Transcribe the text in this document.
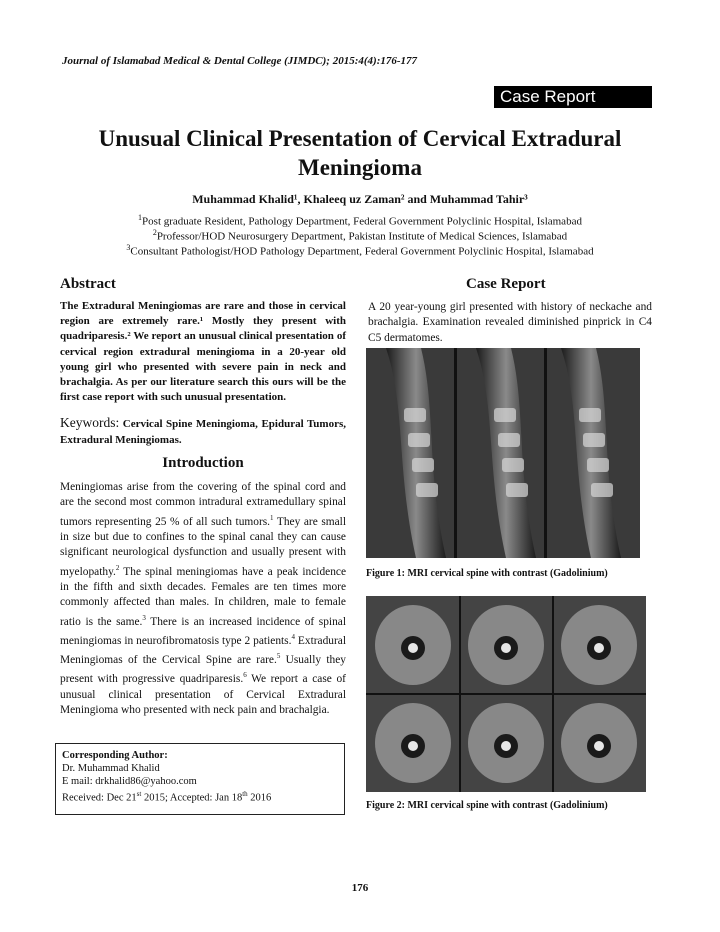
Journal of Islamabad Medical & Dental College (JIMDC); 2015:4(4):176-177
Case Report
Unusual Clinical Presentation of Cervical Extradural Meningioma
Muhammad Khalid¹, Khaleeq uz Zaman² and Muhammad Tahir³
$^1$Post graduate Resident, Pathology Department, Federal Government Polyclinic Hospital, Islamabad
$^2$Professor/HOD Neurosurgery Department, Pakistan Institute of Medical Sciences, Islamabad
$^3$Consultant Pathologist/HOD Pathology Department, Federal Government Polyclinic Hospital, Islamabad
Abstract
The Extradural Meningiomas are rare and those in cervical region are extremely rare.¹ Mostly they present with quadriparesis.² We report an unusual clinical presentation of cervical region extradural meningioma in a 20-year old young girl who presented with severe pain in neck and brachalgia. As per our literature search this ours will be the first case report with such unusual presentation.
Keywords: Cervical Spine Meningioma, Epidural Tumors, Extradural Meningiomas.
Introduction
Meningiomas arise from the covering of the spinal cord and are the second most common intradural extramedullary spinal tumors representing 25 % of all such tumors.$^1$ They are small in size but due to confines to the spinal canal they can cause significant neurological dysfunction and usually present with myelopathy.$^2$ The spinal meningiomas have a peak incidence in the fifth and sixth decades. Females are ten times more commonly affected than males. In children, male to female ratio is the same.$^3$ There is an increased incidence of spinal meningiomas in neurofibromatosis type 2 patients.$^4$ Extradural Meningiomas of the Cervical Spine are rare.$^5$ Usually they present with progressive quadriparesis.$^6$ We report a case of unusual clinical presentation of Cervical Extradural Meningioma who presented with neck pain and brachalgia.
Corresponding Author:
Dr. Muhammad Khalid
E mail: drkhalid86@yahoo.com
Received: Dec 21st 2015; Accepted: Jan 18th 2016
Case Report
A 20 year-young girl presented with history of neckache and brachalgia. Examination revealed diminished pinprick in C4 C5 dermatomes.
Figure 1: MRI cervical spine with contrast (Gadolinium)
Figure 2: MRI cervical spine with contrast (Gadolinium)
176
